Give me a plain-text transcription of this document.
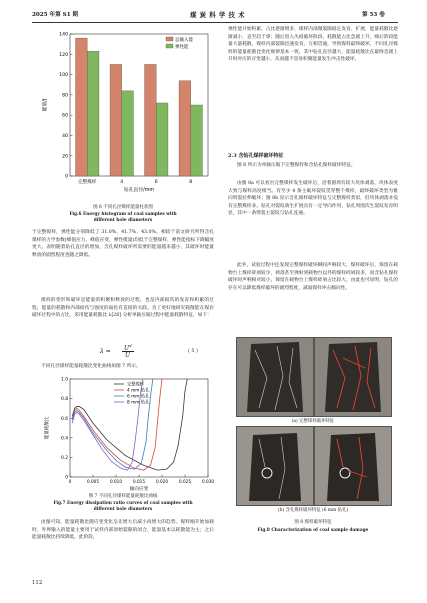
2025 年第 S1 期	煤 炭 科 学 技 术	第 53 卷
0
20
40
60
80
100
120
140
完整煤样	4	6	8
钻孔直径/mm
能量/J
总输入能
弹性能
图 6 不同孔径煤样能量柱状图
Fig.6 Energy histogram of coal samples with
different hole diameters
于完整煤样，弹性能分别降低了 31.0%、41.7%、43.0%。相较于前文研究所得含孔煤样的力学参数(峰值应力、峰值应变、弹性模量)均低于完整煤样，弹性能指标下降幅度更大。表明随着钻孔直径的增加，含孔煤样破坏所需要的能量越来越小，其破坏时能量释放的剧烈程度也随之降低。
煤样的变形和破坏是能量的积聚和释放的过程，也是内部损伤的发育和积累的过程，能量的耗散和内部损伤与强度的弱化有直接的关联。为了更好地研究耗散能在煤岩破坏过程中的占比，采用能量耗散比 λ[28] 分析单轴压缩过程中能量耗散特征，如下：
$\lambda = U^d$
U
( 5 )
不同孔径煤样能量耗散比变化曲线如图 7 所示。
0
0.2
0.4
0.6
0.8
1.0
0	0.005	0.010	0.015	0.020	0.025	0.030
轴向应变
能量耗散比
完整煤样
4 mm 钻孔
6 mm 钻孔
8 mm 钻孔
图 7 不同孔径煤样能量耗散比曲线
Fig.7 Energy dissipation ratio curves of coal samples with
different hole diameters
由图可知，能量耗散比随应变变化呈先增大后减小再增大的趋势。煤样刚开始加载时，外界输入的能量主要用于试样内部原始裂隙的闭合，能量基本以耗散能为主；之后能量耗散比持续降低，此阶段，
112
弹性能开始积累，占比逐渐增多，煤样内部微裂隙稳定发育、扩展，能量耗散比逐渐减小，直至趋于零；随后进入失稳破坏阶段，耗散能占比急剧上升，峰后阶段能量大量耗散，煤样内部裂隙迅速发育，互相贯通，导致煤样最终破坏。不同孔径煤样的能量耗散比变化规律基本一致，其中钻孔直径越大，能量耗散比在最终急剧上升时对应的应变越小，从而越不容易积聚能量发生冲击性破坏。
2.3 含钻孔煤样破坏特征
图 8 所示为单轴压缩下完整煤样和含钻孔煤样破坏特征。
由图 8a 可以看出完整煤样发生破坏后，沿着圆周有较大块体剥落，块体表度大致与煤样高度相当。有至少 4 条主破坏裂纹贯穿整个煤样，最终破坏类型为锥向劈裂拉伸破坏；图 8b 显示含孔煤样破坏特征与完整煤样类似，但块体剥落并没有完整煤样多。钻孔对裂纹萌生扩展具有一定导向作用，钻孔周围次生裂纹发育明显，其中一条劈裂主裂纹与钻孔连通。
此外，试验过程中还发现完整煤样破坏瞬间声响较大，煤样破坏后，保留在载物台上煤样碎屑较少，掉落甚至弹射到载物台以外的煤样碎屑较多，而含钻孔煤样破坏时声响相对较小，保留在载物台上煤样碎屑占比较大，由此也可说明，钻孔的存在可以降低煤样破坏的剧烈程度，减弱煤样冲击倾向性。
(a) 完整煤样破坏特征
(b) 含孔煤样破坏特征 (6 mm 钻孔)
图 8 煤样破坏特征
Fig.8 Characterization of coal sample damage
